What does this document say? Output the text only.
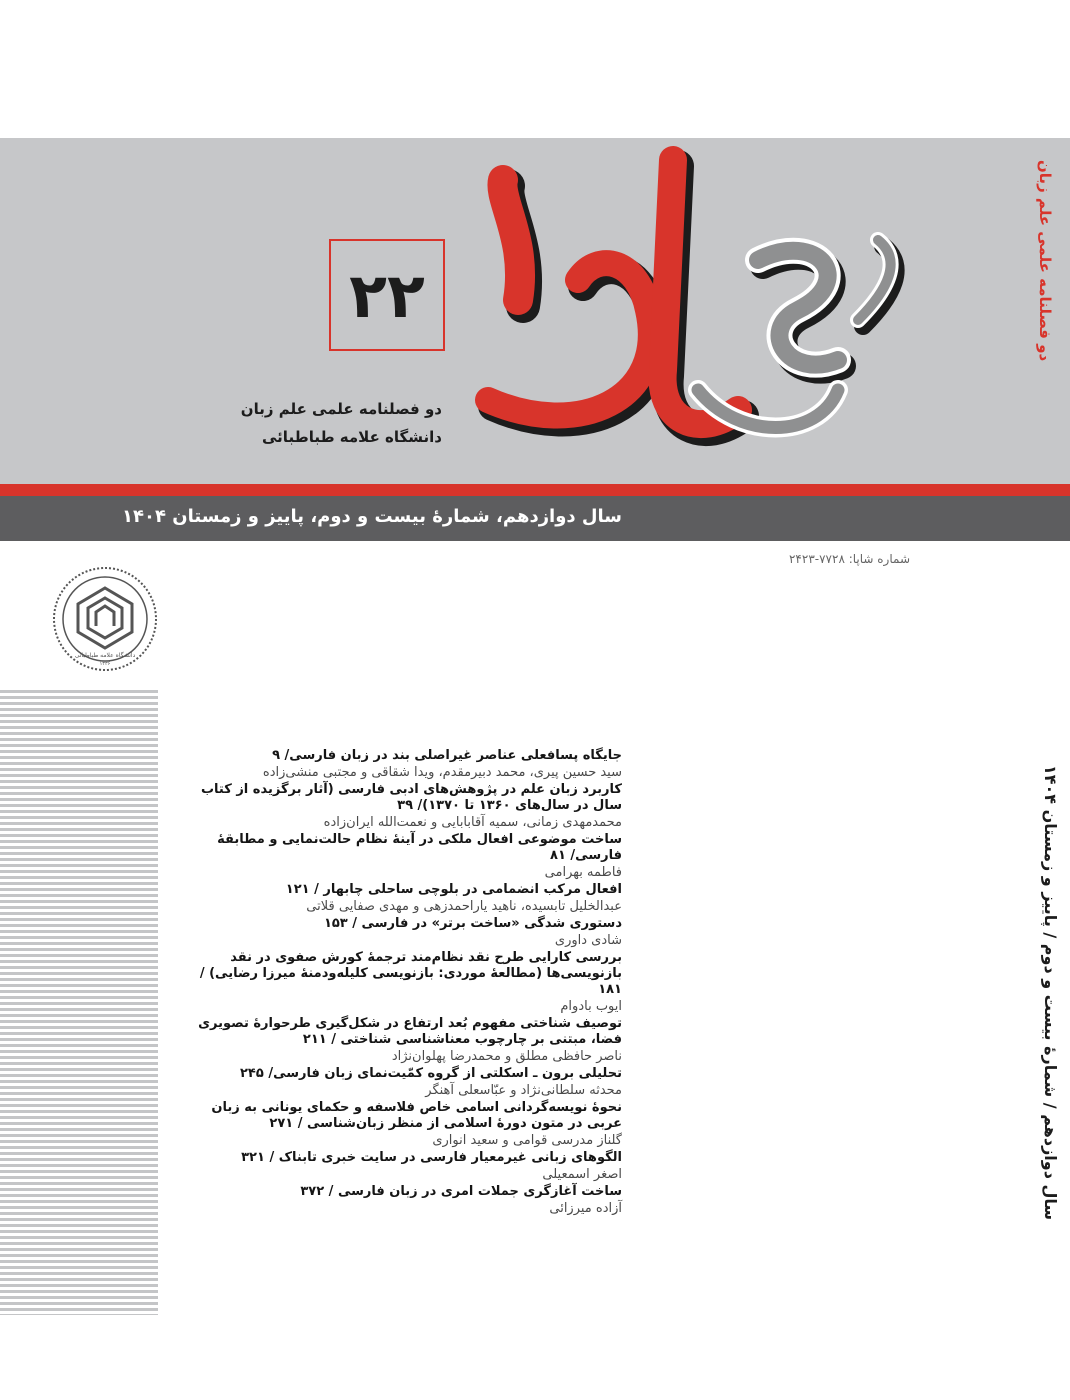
دو فصلنامه علمی علم زبان
علم زبان
۲۲
دو فصلنامه علمی علم زبان
دانشگاه علامه طباطبائی
سال دوازدهم، شمارۀ بیست و دوم، پاییز و زمستان ۱۴۰۴
شماره شاپا: ۷۷۲۸-۲۴۲۳
دانشگاه علامه طباطبائی
۱۳۳۶
سال دوازدهم / شمارۀ بیست و دوم / پاییز و زمستان ۱۴۰۴
جایگاه پسافعلی عناصر غیراصلی بند در زبان فارسی/ ۹
سید حسین پیری، محمد دبیرمقدم، ویدا شقاقی و مجتبی منشی‌زاده
کاربرد زبان علم در پژوهش‌های ادبی فارسی (آثار برگزیده از کتاب سال در سال‌های ۱۳۶۰ تا ۱۳۷۰)/ ۳۹
محمدمهدی زمانی، سمیه آقابابایی و نعمت‌الله ایران‌زاده
ساخت موضوعی افعال ملکی در آینۀ نظام حالت‌نمایی و مطابقۀ فارسی/ ۸۱
فاطمه بهرامی
افعال مرکب انضمامی در بلوچی ساحلی چابهار / ۱۲۱
عبدالخلیل تابسیده، ناهید یاراحمدزهی و مهدی صفایی قلاتی
دستوری شدگی «ساخت برتر» در فارسی / ۱۵۳
شادی داوری
بررسی کارایی طرح نقد نظام‌مند ترجمۀ کورش صفوی در نقد بازنویسی‌ها (مطالعۀ موردی: بازنویسی کلیله‌ودمنۀ میرزا رضایی) / ۱۸۱
ایوب بادوام
توصیف شناختی مفهوم بُعد ارتفاع در شکل‌گیری طرحوارۀ تصویری فضا، مبتنی بر چارچوب معناشناسی شناختی / ۲۱۱
ناصر حافظی مطلق و محمدرضا پهلوان‌نژاد
تحلیلی برون ـ اسکلتی از گروه کمّیت‌نمای زبان فارسی/ ۲۴۵
محدثه سلطانی‌نژاد و عبّاسعلی آهنگر
نحوۀ نویسه‌گردانی اسامی خاص فلاسفه و حکمای یونانی به زبان عربی در متون دورۀ اسلامی از منظر زبان‌شناسی / ۲۷۱
گلناز مدرسی قوامی و سعید انواری
الگوهای زبانی غیرمعیار فارسی در سایت خبری تابناک / ۳۲۱
اصغر اسمعیلی
ساخت آغازگری جملات امری در زبان فارسی / ۳۷۲
آزاده میرزائی
